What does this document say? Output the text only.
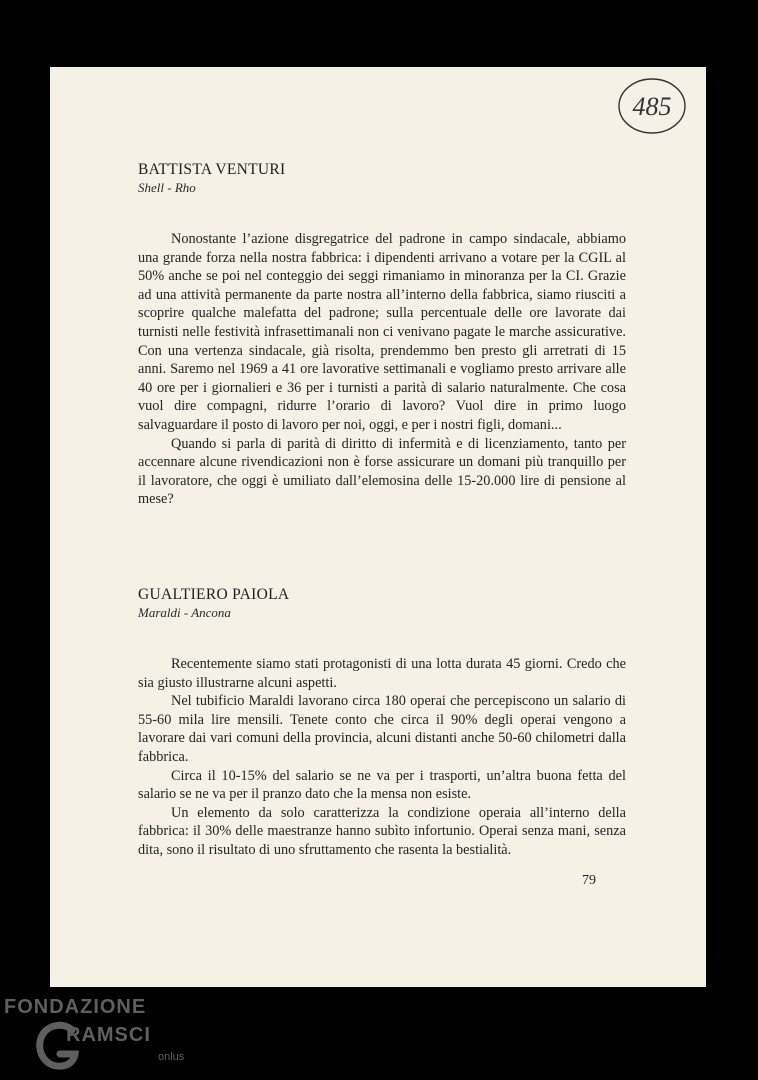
485
BATTISTA VENTURI
Shell - Rho

Nonostante l’azione disgregatrice del padrone in campo sindacale, abbiamo una grande forza nella nostra fabbrica: i dipendenti arrivano a votare per la CGIL al 50% anche se poi nel conteggio dei seggi rimaniamo in minoranza per la CI. Grazie ad una attività permanente da parte nostra all’interno della fabbrica, siamo riusciti a scoprire qualche malefatta del padrone; sulla percentuale delle ore lavorate dai turnisti nelle festività infrasettimanali non ci venivano pagate le marche assicurative. Con una vertenza sindacale, già risolta, prendemmo ben presto gli arretrati di 15 anni. Saremo nel 1969 a 41 ore lavorative settimanali e vogliamo presto arrivare alle 40 ore per i giornalieri e 36 per i turnisti a parità di salario naturalmente. Che cosa vuol dire compagni, ridurre l’orario di lavoro? Vuol dire in primo luogo salvaguardare il posto di lavoro per noi, oggi, e per i nostri figli, domani...

Quando si parla di parità di diritto di infermità e di licenziamento, tanto per accennare alcune rivendicazioni non è forse assicurare un domani più tranquillo per il lavoratore, che oggi è umiliato dall’elemosina delle 15-20.000 lire di pensione al mese?

GUALTIERO PAIOLA
Maraldi - Ancona

Recentemente siamo stati protagonisti di una lotta durata 45 giorni. Credo che sia giusto illustrarne alcuni aspetti.

Nel tubificio Maraldi lavorano circa 180 operai che percepiscono un salario di 55-60 mila lire mensili. Tenete conto che circa il 90% degli operai vengono a lavorare dai vari comuni della provincia, alcuni distanti anche 50-60 chilometri dalla fabbrica.

Circa il 10-15% del salario se ne va per i trasporti, un’altra buona fetta del salario se ne va per il pranzo dato che la mensa non esiste.

Un elemento da solo caratterizza la condizione operaia all’interno della fabbrica: il 30% delle maestranze hanno subìto infortunio. Operai senza mani, senza dita, sono il risultato di uno sfruttamento che rasenta la bestialità.

79
FONDAZIONE
RAMSCI
onlus
